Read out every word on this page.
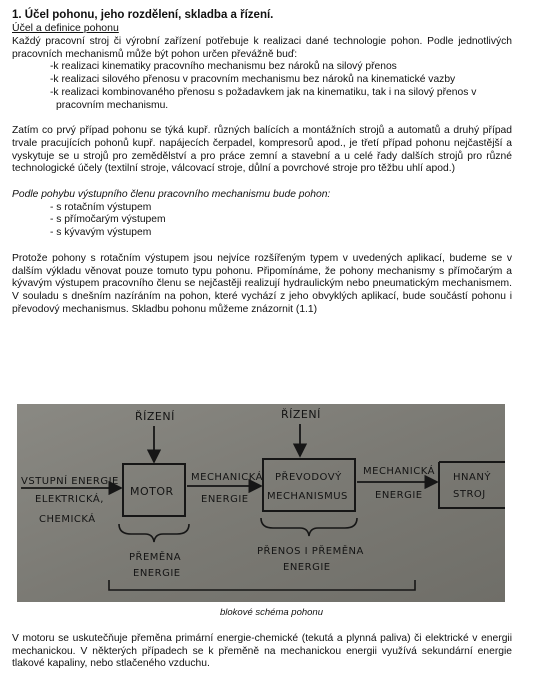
1. Účel pohonu, jeho rozdělení, skladba a řízení.
Účel a definice pohonu

Každý pracovní stroj či výrobní zařízení potřebuje k realizaci dané technologie pohon. Podle jednotlivých pracovních mechanismů může být pohon určen převážně buď:

-k realizaci kinematiky pracovního mechanismu bez nároků na silový přenos
-k realizaci silového přenosu v pracovním mechanismu bez nároků na kinematické vazby
-k realizaci kombinovaného přenosu s požadavkem jak na kinematiku, tak i na silový přenos v pracovním mechanismu.

Zatím co prvý případ pohonu se týká kupř. různých balících a montážních strojů a automatů a druhý případ trvale pracujících pohonů kupř. napájecích čerpadel, kompresorů apod., je třetí případ pohonu nejčastější a vyskytuje se u strojů pro zemědělství a pro práce zemní a stavební a u celé řady dalších strojů pro různé technologické účely (textilní stroje, válcovací stroje, důlní a povrchové stroje pro těžbu uhlí apod.)

Podle pohybu výstupního členu pracovního mechanismu bude pohon:

- s rotačním výstupem
- s přímočarým výstupem
- s kývavým výstupem

Protože pohony s rotačním výstupem jsou nejvíce rozšířeným typem v uvedených aplikací, budeme se v dalším výkladu věnovat pouze tomuto typu pohonu. Připomínáme, že pohony mechanismy s přímočarým a kývavým výstupem pracovního členu se nejčastěji realizují hydraulickým nebo pneumatickým mechanismem. V souladu s dnešním nazíráním na pohon, které vychází z jeho obvyklých aplikací, bude součástí pohonu i převodový mechanismus. Skladbu pohonu můžeme znázornit (1.1)

ŘÍZENÍ	ŘÍZENÍ
VSTUPNÍ ENERGIE
ELEKTRICKÁ,
CHEMICKÁ
MOTOR
MECHANICKÁ
ENERGIE
PŘEVODOVÝ
MECHANISMUS
MECHANICKÁ
ENERGIE
HNANÝ
STROJ
PŘEMĚNA
ENERGIE
PŘENOS I PŘEMĚNA
ENERGIE
blokové schéma pohonu

V motoru se uskutečňuje přeměna primární energie-chemické (tekutá a plynná paliva) či elektrické v energii mechanickou. V některých případech se k přeměně na mechanickou energii využívá sekundární energie tlakové kapaliny, nebo stlačeného vzduchu.
